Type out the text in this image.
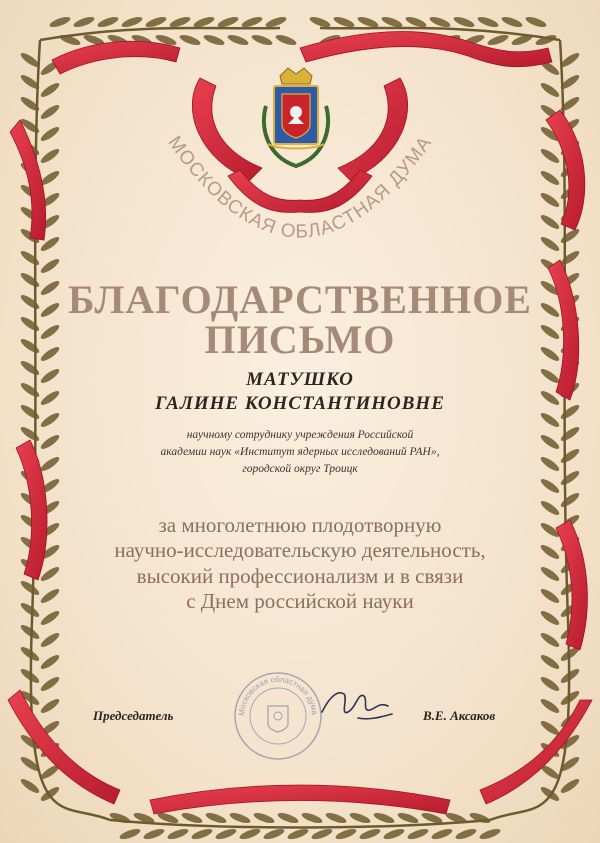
МОСКОВСКАЯ ОБЛАСТНАЯ ДУМА
БЛАГОДАРСТВЕННОЕ
ПИСЬМО
МАТУШКО
ГАЛИНЕ КОНСТАНТИНОВНЕ
научному сотруднику учреждения Российской
академии наук «Институт ядерных исследований РАН»,
городской округ Троицк
за многолетнюю плодотворную
научно-исследовательскую деятельность,
высокий профессионализм и в связи
с Днем российской науки
Московская областная дума
Председатель	В.Е. Аксаков
